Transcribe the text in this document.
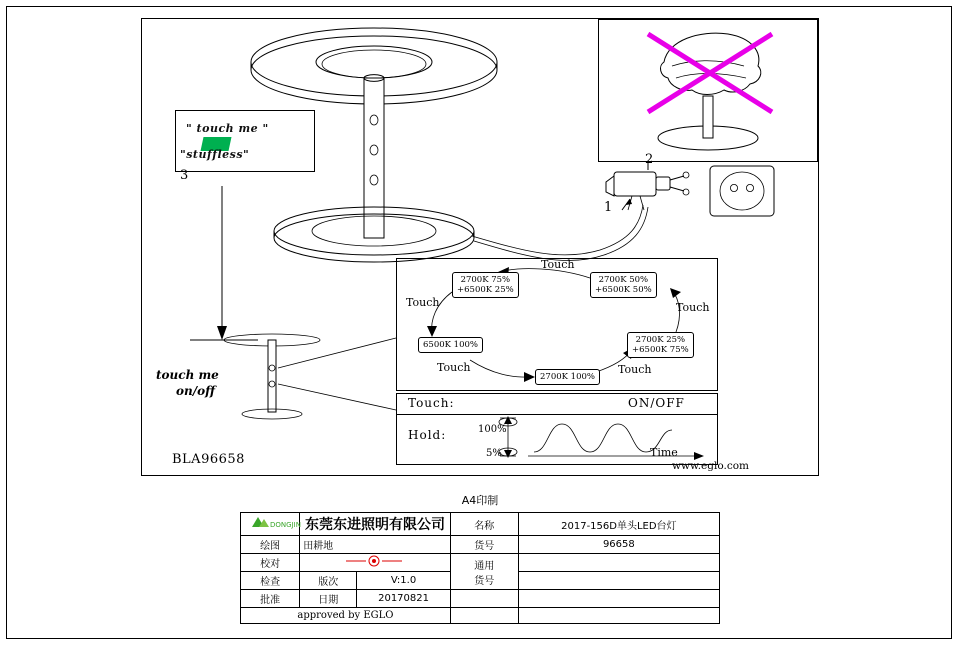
" touch me "
"stuffless"
3
2
1
touch me
on/off
2700K 75%
+6500K 25%
2700K 50%
+6500K 50%
2700K 25%
+6500K 75%
2700K 100%
6500K 100%
Touch
Touch
Touch	Touch
Touch
Touch:	ON/OFF
Hold:	100%
5%	Time
BLA96658	www.eglo.com
A4印制
DONGJIN	东莞东进照明有限公司		名称	2017-156D单头LED台灯
绘图	田耕地		货号	96658
校对			通用
货号	

检查	版次	V:1.0		
批准	日期	20170821		
approved by EGLO				
